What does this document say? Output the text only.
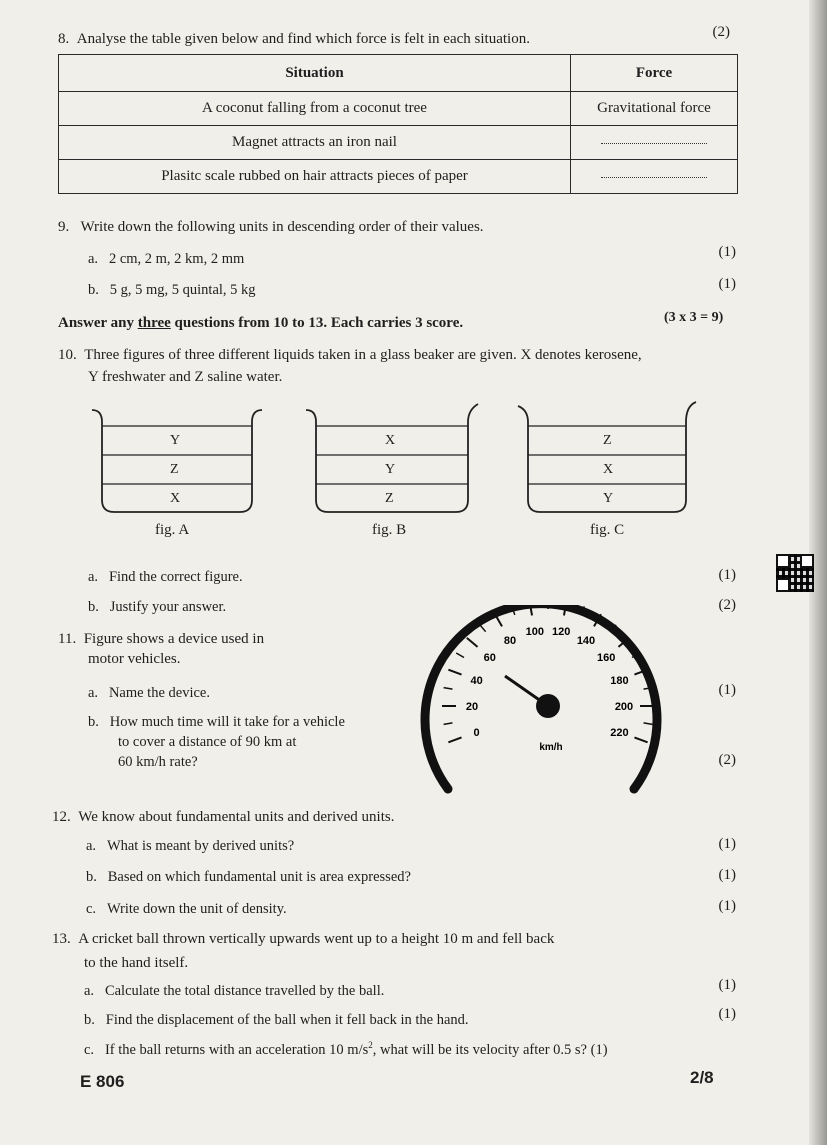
8. Analyse the table given below and find which force is felt in each situation.	(2)
Situation	Force
A coconut falling from a coconut tree	Gravitational force
Magnet attracts an iron nail	
Plasitc scale rubbed on hair attracts pieces of paper	
9. Write down the following units in descending order of their values.
a. 2 cm, 2 m, 2 km, 2 mm	(1)
b. 5 g, 5 mg, 5 quintal, 5 kg	(1)
Answer any three questions from 10 to 13. Each carries 3 score.	(3 x 3 = 9)
10. Three figures of three different liquids taken in a glass beaker are given. X denotes kerosene,
Y freshwater and Z saline water.
Y
Z
X
X
Y
Z
Z
X
Y
fig. A	fig. B	fig. C
a. Find the correct figure.	(1)
b. Justify your answer.	(2)
11. Figure shows a device used in
motor vehicles.
a. Name the device.	(1)
b. How much time will it take for a vehicle
to cover a distance of 90 km at
60 km/h rate?	(2)
0
20
40
60
80
100 120
140
160
180
200
220
km/h
12. We know about fundamental units and derived units.
a. What is meant by derived units?	(1)
b. Based on which fundamental unit is area expressed?	(1)
c. Write down the unit of density.	(1)
13. A cricket ball thrown vertically upwards went up to a height 10 m and fell back
to the hand itself.
a. Calculate the total distance travelled by the ball.	(1)
b. Find the displacement of the ball when it fell back in the hand.	(1)
c. If the ball returns with an acceleration 10 $m/s^2$, what will be its velocity after 0.5 s? (1)
E 806	2/8
